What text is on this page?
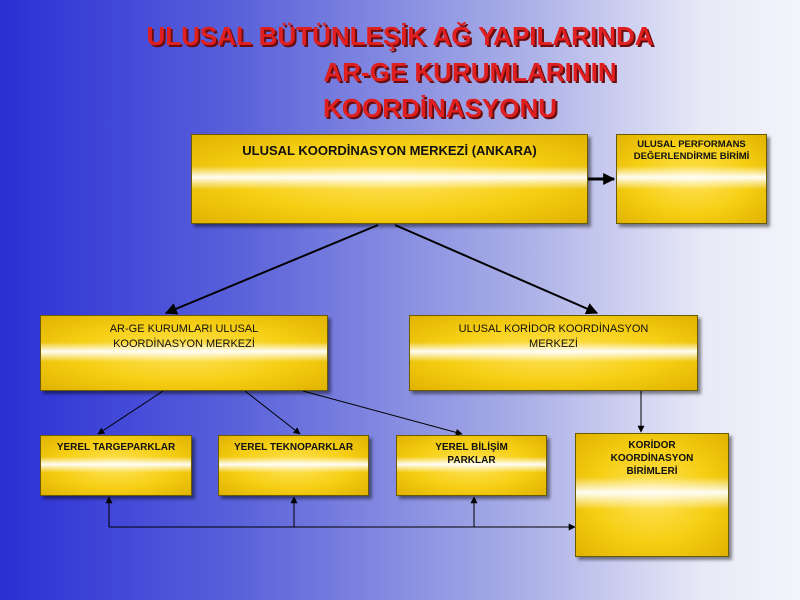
ULUSAL BÜTÜNLEŞİK AĞ YAPILARINDA
AR-GE KURUMLARININ
KOORDİNASYONU
ULUSAL KOORDİNASYON MERKEZİ (ANKARA)	ULUSAL PERFORMANS DEĞERLENDİRME BİRİMİ
AR-GE KURUMLARI ULUSAL KOORDİNASYON MERKEZİ
ULUSAL KORİDOR KOORDİNASYON MERKEZİ
YEREL TARGEPARKLAR	YEREL TEKNOPARKLAR	YEREL BİLİŞİM PARKLAR
KORİDOR KOORDİNASYON BİRİMLERİ
